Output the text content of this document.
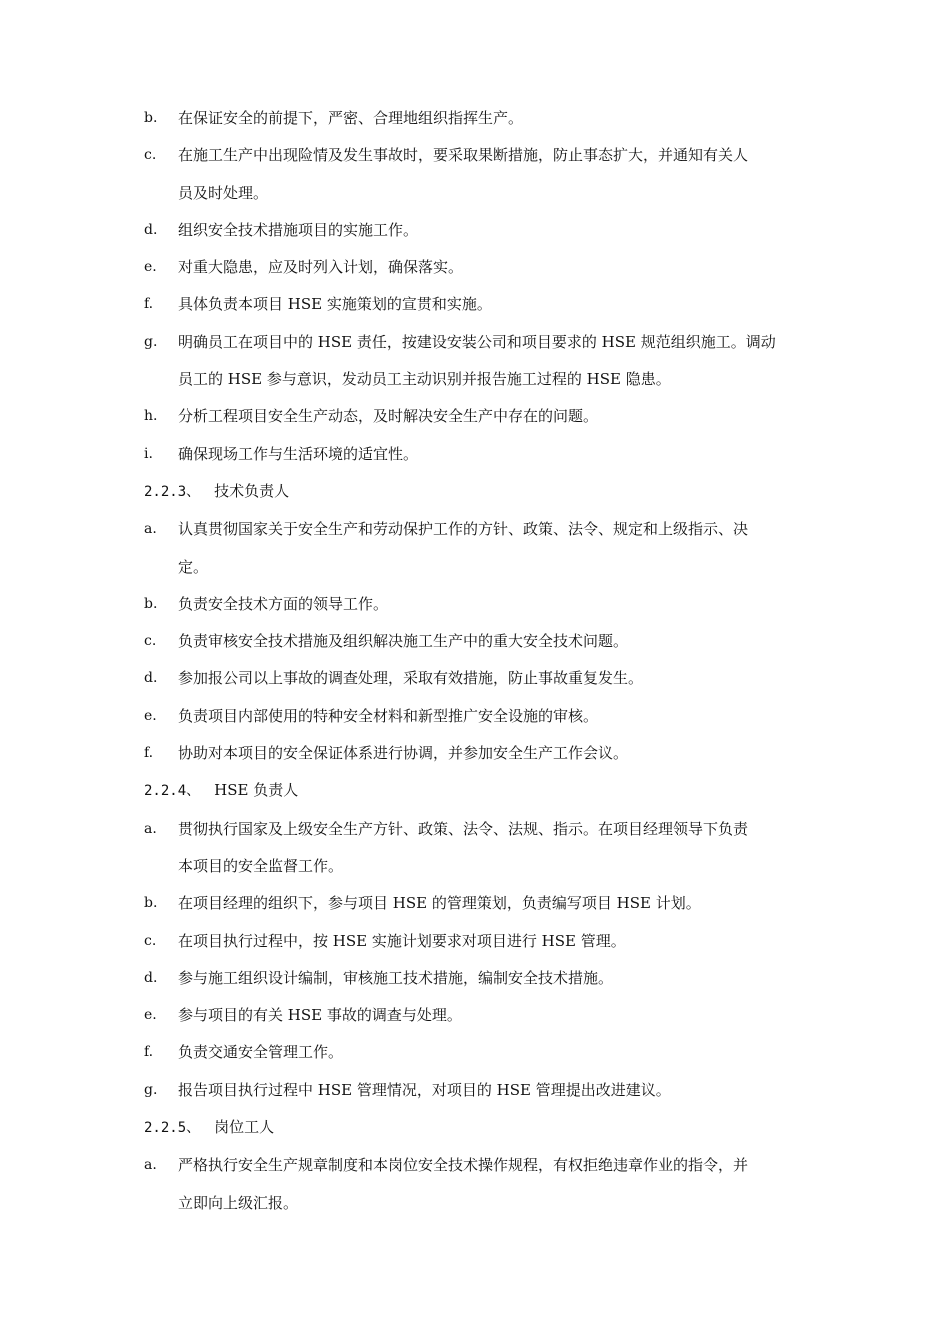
b.	在保证安全的前提下，严密、合理地组织指挥生产。
c.	在施工生产中出现险情及发生事故时，要采取果断措施，防止事态扩大，并通知有关人
员及时处理。
d.	组织安全技术措施项目的实施工作。
e.	对重大隐患，应及时列入计划，确保落实。
f.	具体负责本项目 HSE 实施策划的宣贯和实施。
g.	明确员工在项目中的 HSE 责任，按建设安装公司和项目要求的 HSE 规范组织施工。调动
员工的 HSE 参与意识，发动员工主动识别并报告施工过程的 HSE 隐患。
h.	分析工程项目安全生产动态，及时解决安全生产中存在的问题。
i.	确保现场工作与生活环境的适宜性。
2.2.3、 技术负责人
a.	认真贯彻国家关于安全生产和劳动保护工作的方针、政策、法令、规定和上级指示、决
定。
b.	负责安全技术方面的领导工作。
c.	负责审核安全技术措施及组织解决施工生产中的重大安全技术问题。
d.	参加报公司以上事故的调查处理，采取有效措施，防止事故重复发生。
e.	负责项目内部使用的特种安全材料和新型推广安全设施的审核。
f.	协助对本项目的安全保证体系进行协调，并参加安全生产工作会议。
2.2.4、 HSE 负责人
a.	贯彻执行国家及上级安全生产方针、政策、法令、法规、指示。在项目经理领导下负责
本项目的安全监督工作。
b.	在项目经理的组织下，参与项目 HSE 的管理策划，负责编写项目 HSE 计划。
c.	在项目执行过程中，按 HSE 实施计划要求对项目进行 HSE 管理。
d.	参与施工组织设计编制，审核施工技术措施，编制安全技术措施。
e.	参与项目的有关 HSE 事故的调查与处理。
f.	负责交通安全管理工作。
g.	报告项目执行过程中 HSE 管理情况，对项目的 HSE 管理提出改进建议。
2.2.5、 岗位工人
a.	严格执行安全生产规章制度和本岗位安全技术操作规程，有权拒绝违章作业的指令，并
立即向上级汇报。
